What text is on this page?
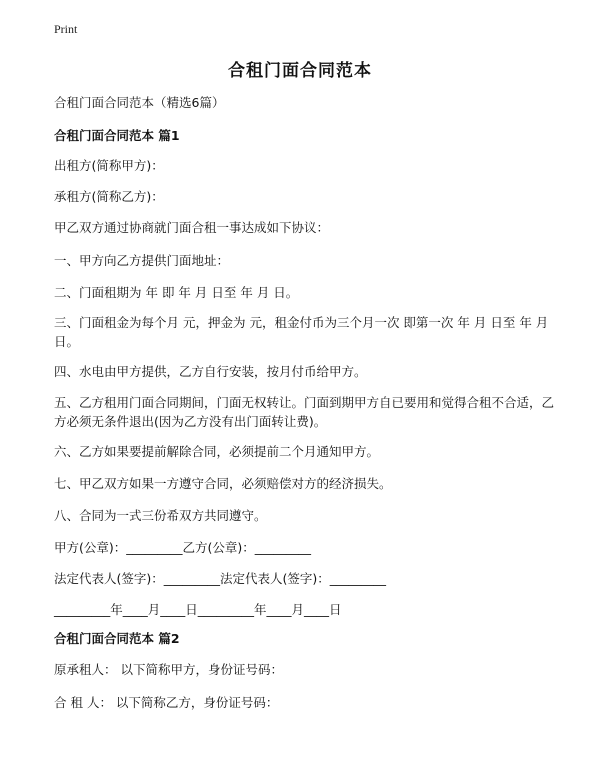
Print
合租门面合同范本
合租门面合同范本（精选6篇）
合租门面合同范本 篇1
出租方(简称甲方)：
承租方(简称乙方)：
甲乙双方通过协商就门面合租一事达成如下协议：
一、甲方向乙方提供门面地址：
二、门面租期为 年 即 年 月 日至 年 月 日。
三、门面租金为每个月 元，押金为 元，租金付币为三个月一次 即第一次 年 月 日至 年 月 日。
四、水电由甲方提供，乙方自行安装，按月付币给甲方。
五、乙方租用门面合同期间，门面无权转让。门面到期甲方自已要用和觉得合租不合适，乙方必须无条件退出(因为乙方没有出门面转让费)。
六、乙方如果要提前解除合同，必须提前二个月通知甲方。
七、甲乙双方如果一方遵守合同，必须赔偿对方的经济损失。
八、合同为一式三份希双方共同遵守。
甲方(公章)：_________乙方(公章)：_________
法定代表人(签字)：_________法定代表人(签字)：_________
_________年____月____日_________年____月____日
合租门面合同范本 篇2
原承租人： 以下简称甲方，身份证号码：
合 租 人： 以下简称乙方，身份证号码：
